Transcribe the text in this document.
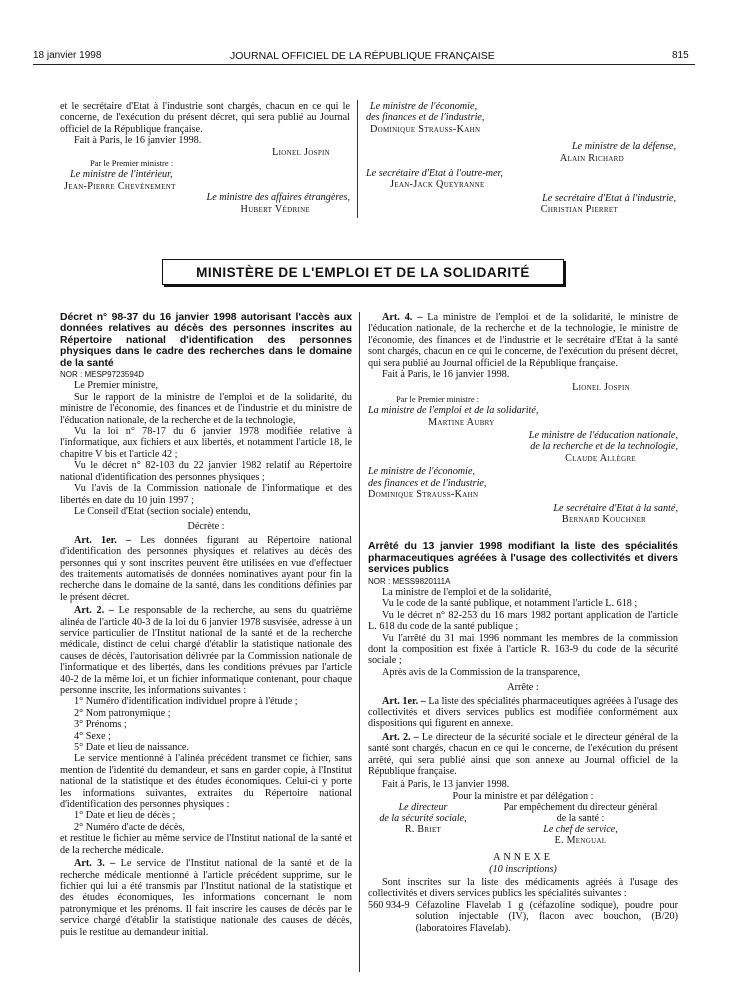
18 janvier 1998	JOURNAL OFFICIEL DE LA RÉPUBLIQUE FRANÇAISE	815

et le secrétaire d'Etat à l'industrie sont chargés, chacun en ce qui le concerne, de l'exécution du présent décret, qui sera publié au Journal officiel de la République française.

Fait à Paris, le 16 janvier 1998.

Lionel Jospin

Par le Premier ministre :

Le ministre de l'intérieur,

Jean-Pierre Chevènement

Le ministre des affaires étrangères,

Hubert Védrine

Le ministre de l'économie,

des finances et de l'industrie,

Dominique Strauss-Kahn

Le ministre de la défense,

Alain Richard

Le secrétaire d'Etat à l'outre-mer,

Jean-Jack Queyranne

Le secrétaire d'Etat à l'industrie,

Christian Pierret

MINISTÈRE DE L'EMPLOI ET DE LA SOLIDARITÉ

Décret n° 98-37 du 16 janvier 1998 autorisant l'accès aux données relatives au décès des personnes inscrites au Répertoire national d'identification des personnes physiques dans le cadre des recherches dans le domaine de la santé

NOR : MESP9723594D

Le Premier ministre,

Sur le rapport de la ministre de l'emploi et de la solidarité, du ministre de l'économie, des finances et de l'industrie et du ministre de l'éducation nationale, de la recherche et de la technologie,

Vu la loi n° 78-17 du 6 janvier 1978 modifiée relative à l'informatique, aux fichiers et aux libertés, et notamment l'article 18, le chapitre V bis et l'article 42 ;

Vu le décret n° 82-103 du 22 janvier 1982 relatif au Répertoire national d'identification des personnes physiques ;

Vu l'avis de la Commission nationale de l'informatique et des libertés en date du 10 juin 1997 ;

Le Conseil d'Etat (section sociale) entendu,

Décrète :

Art. 1er. – Les données figurant au Répertoire national d'identification des personnes physiques et relatives au décès des personnes qui y sont inscrites peuvent être utilisées en vue d'effectuer des traitements automatisés de données nominatives ayant pour fin la recherche dans le domaine de la santé, dans les conditions définies par le présent décret.

Art. 2. – Le responsable de la recherche, au sens du quatrième alinéa de l'article 40-3 de la loi du 6 janvier 1978 susvisée, adresse à un service particulier de l'Institut national de la santé et de la recherche médicale, distinct de celui chargé d'établir la statistique nationale des causes de décès, l'autorisation délivrée par la Commission nationale de l'informatique et des libertés, dans les conditions prévues par l'article 40-2 de la même loi, et un fichier informatique contenant, pour chaque personne inscrite, les informations suivantes :

1° Numéro d'identification individuel propre à l'étude ;

2° Nom patronymique ;

3° Prénoms ;

4° Sexe ;

5° Date et lieu de naissance.

Le service mentionné à l'alinéa précédent transmet ce fichier, sans mention de l'identité du demandeur, et sans en garder copie, à l'Institut national de la statistique et des études économiques. Celui-ci y porte les informations suivantes, extraites du Répertoire national d'identification des personnes physiques :

1° Date et lieu de décès ;

2° Numéro d'acte de décès,

et restitue le fichier au même service de l'Institut national de la santé et de la recherche médicale.

Art. 3. – Le service de l'Institut national de la santé et de la recherche médicale mentionné à l'article précédent supprime, sur le fichier qui lui a été transmis par l'Institut national de la statistique et des études économiques, les informations concernant le nom patronymique et les prénoms. Il fait inscrire les causes de décès par le service chargé d'établir la statistique nationale des causes de décès, puis le restitue au demandeur initial.

Art. 4. – La ministre de l'emploi et de la solidarité, le ministre de l'éducation nationale, de la recherche et de la technologie, le ministre de l'économie, des finances et de l'industrie et le secrétaire d'Etat à la santé sont chargés, chacun en ce qui le concerne, de l'exécution du présent décret, qui sera publié au Journal officiel de la République française.

Fait à Paris, le 16 janvier 1998.

Lionel Jospin

Par le Premier ministre :

La ministre de l'emploi et de la solidarité,

Martine Aubry

Le ministre de l'éducation nationale,

de la recherche et de la technologie,

Claude Allègre

Le ministre de l'économie,

des finances et de l'industrie,

Dominique Strauss-Kahn

Le secrétaire d'Etat à la santé,

Bernard Kouchner

Arrêté du 13 janvier 1998 modifiant la liste des spécialités pharmaceutiques agréées à l'usage des collectivités et divers services publics

NOR : MESS9820111A

La ministre de l'emploi et de la solidarité,

Vu le code de la santé publique, et notamment l'article L. 618 ;

Vu le décret n° 82-253 du 16 mars 1982 portant application de l'article L. 618 du code de la santé publique ;

Vu l'arrêté du 31 mai 1996 nommant les membres de la commission dont la composition est fixée à l'article R. 163-9 du code de la sécurité sociale ;

Après avis de la Commission de la transparence,

Arrête :

Art. 1er. – La liste des spécialités pharmaceutiques agréées à l'usage des collectivités et divers services publics est modifiée conformément aux dispositions qui figurent en annexe.

Art. 2. – Le directeur de la sécurité sociale et le directeur général de la santé sont chargés, chacun en ce qui le concerne, de l'exécution du présent arrêté, qui sera publié ainsi que son annexe au Journal officiel de la République française.

Fait à Paris, le 13 janvier 1998.

Pour la ministre et par délégation :

Le directeur
de la sécurité sociale,
R. Briet
Par empêchement du directeur général
de la santé :
Le chef de service,
E. Mengual

ANNEXE

(10 inscriptions)

Sont inscrites sur la liste des médicaments agréés à l'usage des collectivités et divers services publics les spécialités suivantes :

560 934-9 Céfazoline Flavelab 1 g (céfazoline sodique), poudre pour solution injectable (IV), flacon avec bouchon, (B/20) (laboratoires Flavelab).
